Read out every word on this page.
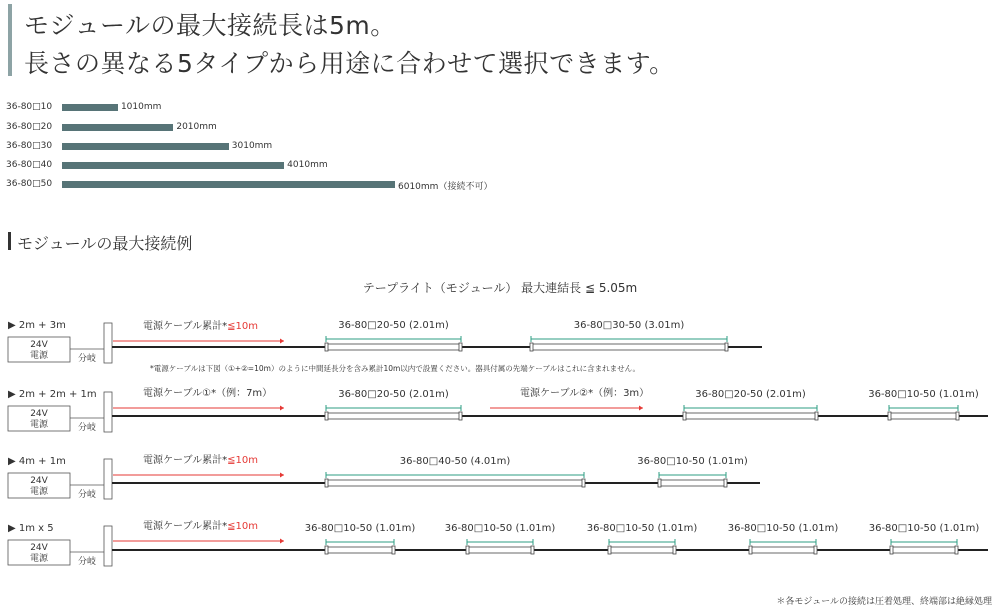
モジュールの最大接続長は5m。
長さの異なる5タイプから用途に合わせて選択できます。
36-80□10	1010mm
36-80□20	2010mm
36-80□30	3010mm
36-80□40	4010mm
36-80□50	6010mm（接続不可）
モジュールの最大接続例
テープライト（モジュール） 最大連結長 ≦ 5.05m
▶ 2m + 3m
24V
電源	分岐
電源ケーブル累計*≦10m	36-80□20-50 (2.01m)	36-80□30-50 (3.01m)
*電源ケーブルは下図（①+②=10m）のように中間延長分を含み累計10m以内で設置ください。器具付属の先端ケーブルはこれに含まれません。
▶ 2m + 2m + 1m
24V
電源	分岐
電源ケーブル①*（例：7m）	電源ケーブル②*（例：3m）
36-80□20-50 (2.01m)	36-80□20-50 (2.01m)	36-80□10-50 (1.01m)
▶ 4m + 1m
24V
電源	分岐
電源ケーブル累計*≦10m	36-80□40-50 (4.01m)	36-80□10-50 (1.01m)
▶ 1m x 5
24V
電源	分岐
電源ケーブル累計*≦10m	36-80□10-50 (1.01m)	36-80□10-50 (1.01m)	36-80□10-50 (1.01m)	36-80□10-50 (1.01m)	36-80□10-50 (1.01m)
＊各モジュールの接続は圧着処理、終端部は絶縁処理
